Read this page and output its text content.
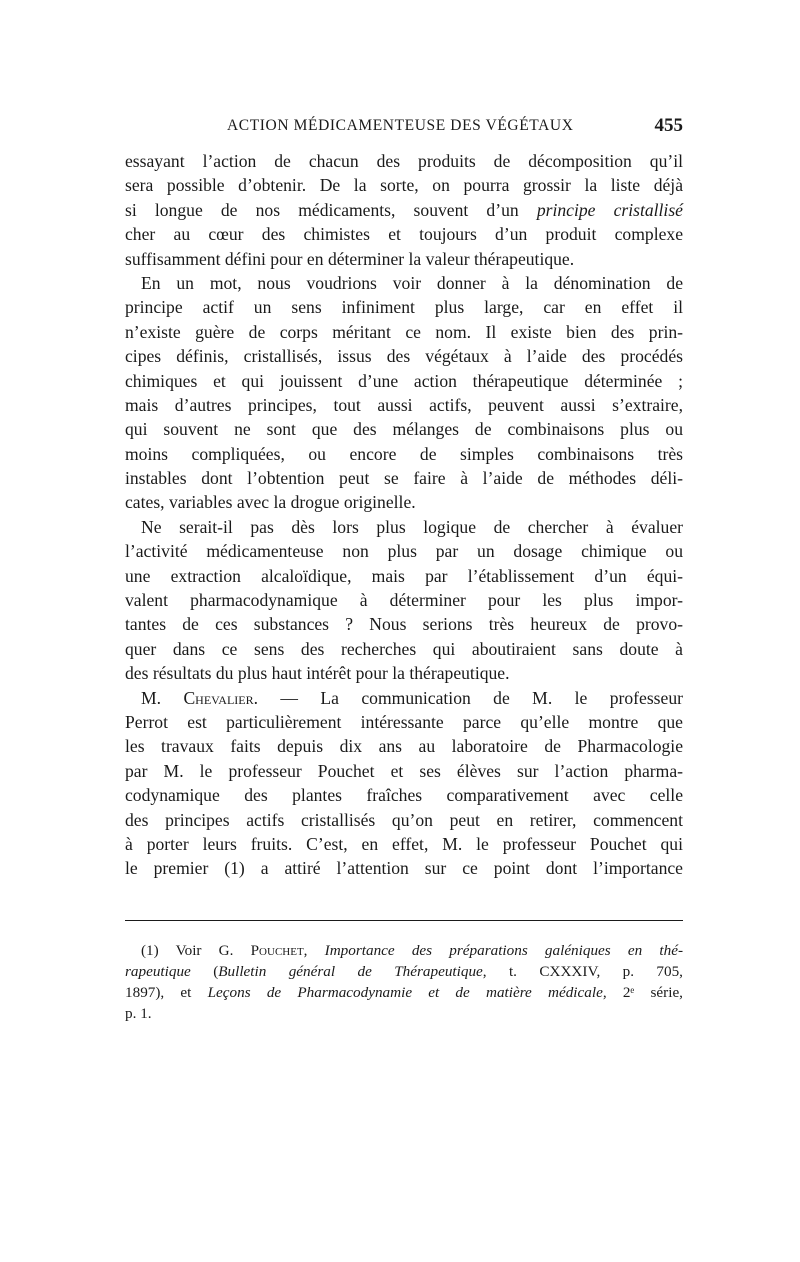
ACTION MÉDICAMENTEUSE DES VÉGÉTAUX	455
essayant l’action de chacun des produits de décomposition qu’il
sera possible d’obtenir. De la sorte, on pourra grossir la liste déjà
si longue de nos médicaments, souvent d’un principe cristallisé
cher au cœur des chimistes et toujours d’un produit complexe
suffisamment défini pour en déterminer la valeur thérapeutique.
En un mot, nous voudrions voir donner à la dénomination de
principe actif un sens infiniment plus large, car en effet il
n’existe guère de corps méritant ce nom. Il existe bien des prin-
cipes définis, cristallisés, issus des végétaux à l’aide des procédés
chimiques et qui jouissent d’une action thérapeutique déterminée ;
mais d’autres principes, tout aussi actifs, peuvent aussi s’extraire,
qui souvent ne sont que des mélanges de combinaisons plus ou
moins compliquées, ou encore de simples combinaisons très
instables dont l’obtention peut se faire à l’aide de méthodes déli-
cates, variables avec la drogue originelle.
Ne serait-il pas dès lors plus logique de chercher à évaluer
l’activité médicamenteuse non plus par un dosage chimique ou
une extraction alcaloïdique, mais par l’établissement d’un équi-
valent pharmacodynamique à déterminer pour les plus impor-
tantes de ces substances ? Nous serions très heureux de provo-
quer dans ce sens des recherches qui aboutiraient sans doute à
des résultats du plus haut intérêt pour la thérapeutique.
M. Chevalier. — La communication de M. le professeur
Perrot est particulièrement intéressante parce qu’elle montre que
les travaux faits depuis dix ans au laboratoire de Pharmacologie
par M. le professeur Pouchet et ses élèves sur l’action pharma-
codynamique des plantes fraîches comparativement avec celle
des principes actifs cristallisés qu’on peut en retirer, commencent
à porter leurs fruits. C’est, en effet, M. le professeur Pouchet qui
le premier (1) a attiré l’attention sur ce point dont l’importance
(1) Voir G. Pouchet, Importance des préparations galéniques en thé-
rapeutique (Bulletin général de Thérapeutique, t. CXXXIV, p. 705,
1897), et Leçons de Pharmacodynamie et de matière médicale, 2ᵉ série,
p. 1.
